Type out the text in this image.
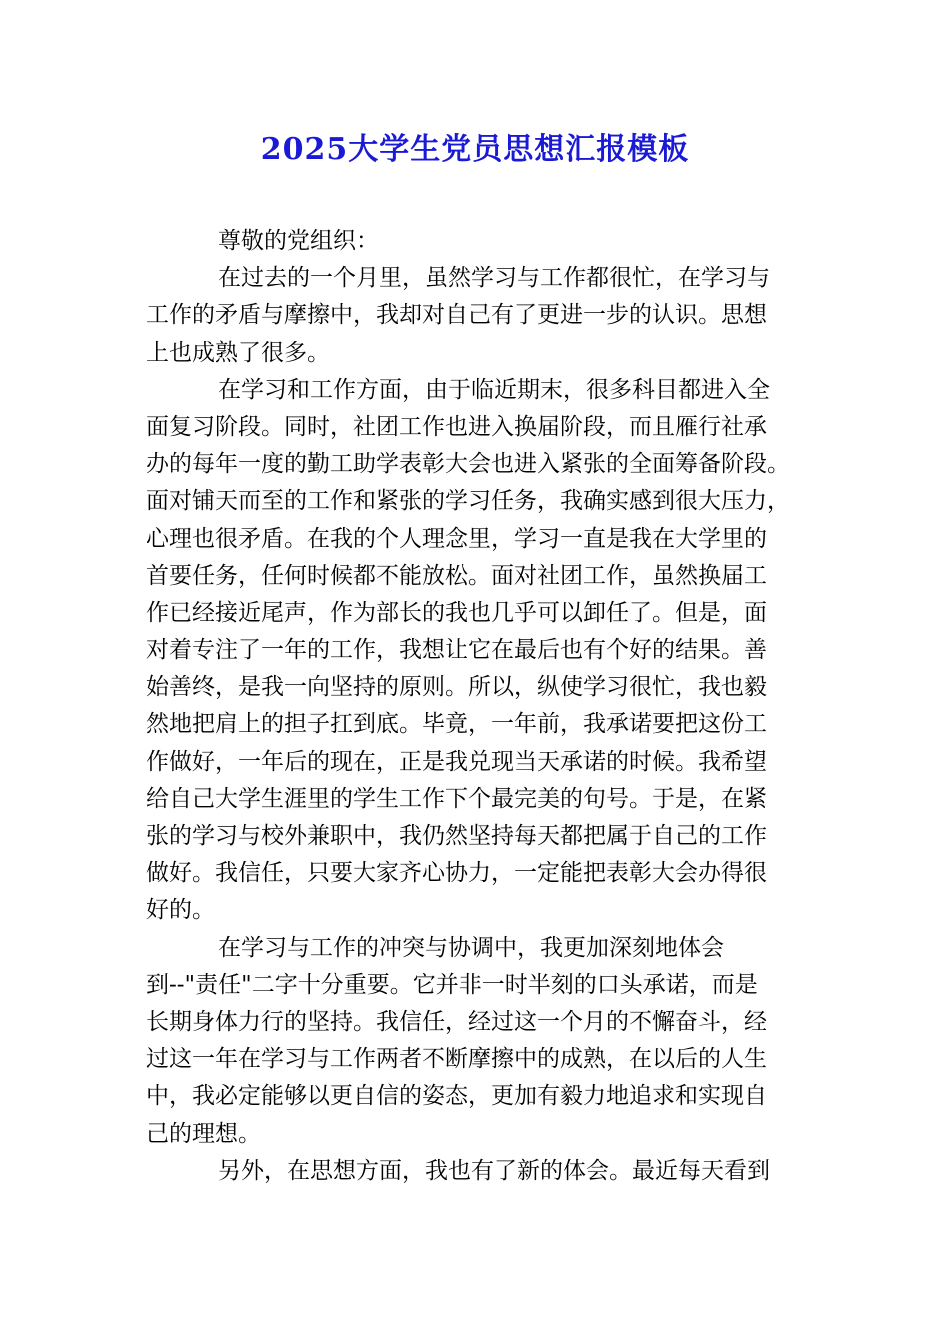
2025大学生党员思想汇报模板
尊敬的党组织：
在过去的一个月里，虽然学习与工作都很忙，在学习与
工作的矛盾与摩擦中，我却对自己有了更进一步的认识。思想
上也成熟了很多。
在学习和工作方面，由于临近期末，很多科目都进入全
面复习阶段。同时，社团工作也进入换届阶段，而且雁行社承
办的每年一度的勤工助学表彰大会也进入紧张的全面筹备阶段。
面对铺天而至的工作和紧张的学习任务，我确实感到很大压力，
心理也很矛盾。在我的个人理念里，学习一直是我在大学里的
首要任务，任何时候都不能放松。面对社团工作，虽然换届工
作已经接近尾声，作为部长的我也几乎可以卸任了。但是，面
对着专注了一年的工作，我想让它在最后也有个好的结果。善
始善终，是我一向坚持的原则。所以，纵使学习很忙，我也毅
然地把肩上的担子扛到底。毕竟，一年前，我承诺要把这份工
作做好，一年后的现在，正是我兑现当天承诺的时候。我希望
给自己大学生涯里的学生工作下个最完美的句号。于是，在紧
张的学习与校外兼职中，我仍然坚持每天都把属于自己的工作
做好。我信任，只要大家齐心协力，一定能把表彰大会办得很
好的。
在学习与工作的冲突与协调中，我更加深刻地体会
到--"责任"二字十分重要。它并非一时半刻的口头承诺，而是
长期身体力行的坚持。我信任，经过这一个月的不懈奋斗，经
过这一年在学习与工作两者不断摩擦中的成熟，在以后的人生
中，我必定能够以更自信的姿态，更加有毅力地追求和实现自
己的理想。
另外，在思想方面，我也有了新的体会。最近每天看到
